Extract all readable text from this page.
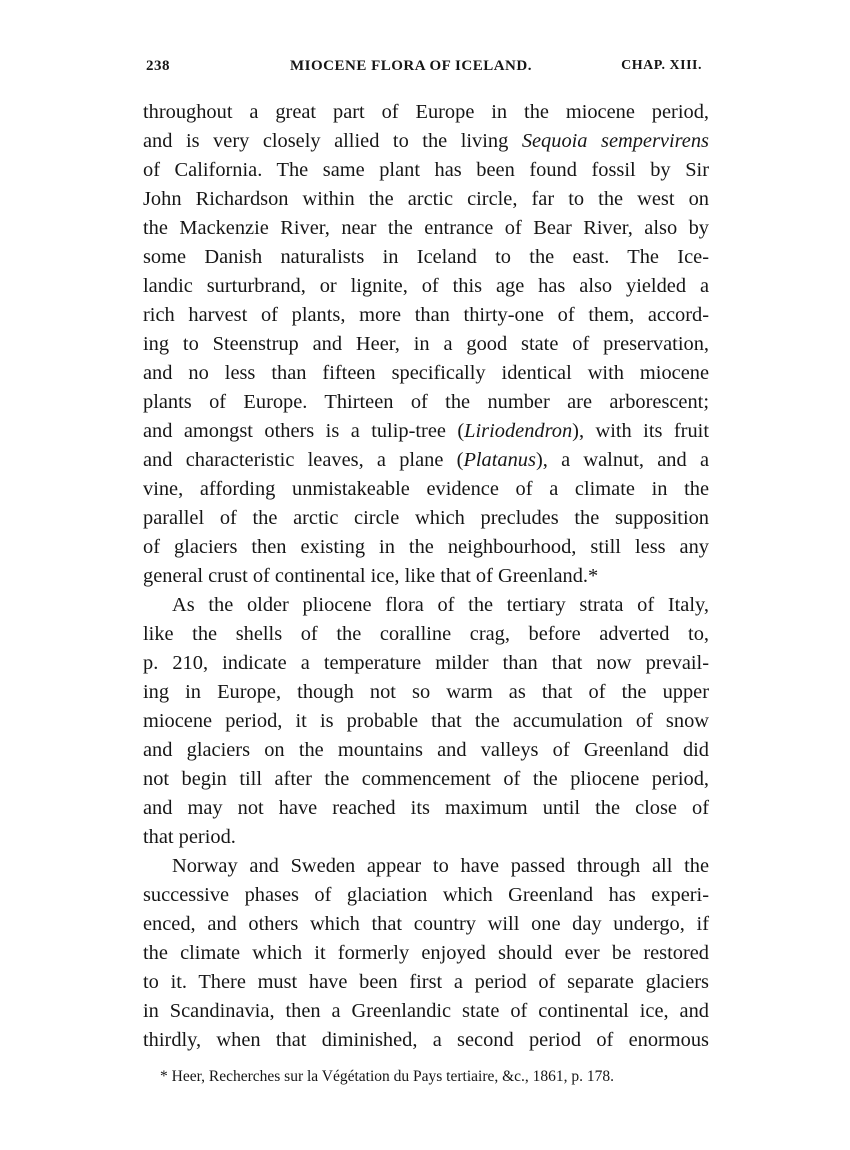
238	MIOCENE FLORA OF ICELAND.	CHAP. XIII.
throughout a great part of Europe in the miocene period,
and is very closely allied to the living Sequoia sempervirens
of California. The same plant has been found fossil by Sir
John Richardson within the arctic circle, far to the west on
the Mackenzie River, near the entrance of Bear River, also by
some Danish naturalists in Iceland to the east. The Ice-
landic surturbrand, or lignite, of this age has also yielded a
rich harvest of plants, more than thirty-one of them, accord-
ing to Steenstrup and Heer, in a good state of preservation,
and no less than fifteen specifically identical with miocene
plants of Europe. Thirteen of the number are arborescent;
and amongst others is a tulip-tree (Liriodendron), with its fruit
and characteristic leaves, a plane (Platanus), a walnut, and a
vine, affording unmistakeable evidence of a climate in the
parallel of the arctic circle which precludes the supposition
of glaciers then existing in the neighbourhood, still less any
general crust of continental ice, like that of Greenland.*
As the older pliocene flora of the tertiary strata of Italy,
like the shells of the coralline crag, before adverted to,
p. 210, indicate a temperature milder than that now prevail-
ing in Europe, though not so warm as that of the upper
miocene period, it is probable that the accumulation of snow
and glaciers on the mountains and valleys of Greenland did
not begin till after the commencement of the pliocene period,
and may not have reached its maximum until the close of
that period.
Norway and Sweden appear to have passed through all the
successive phases of glaciation which Greenland has experi-
enced, and others which that country will one day undergo, if
the climate which it formerly enjoyed should ever be restored
to it. There must have been first a period of separate glaciers
in Scandinavia, then a Greenlandic state of continental ice, and
thirdly, when that diminished, a second period of enormous
* Heer, Recherches sur la Végétation du Pays tertiaire, &c., 1861, p. 178.
